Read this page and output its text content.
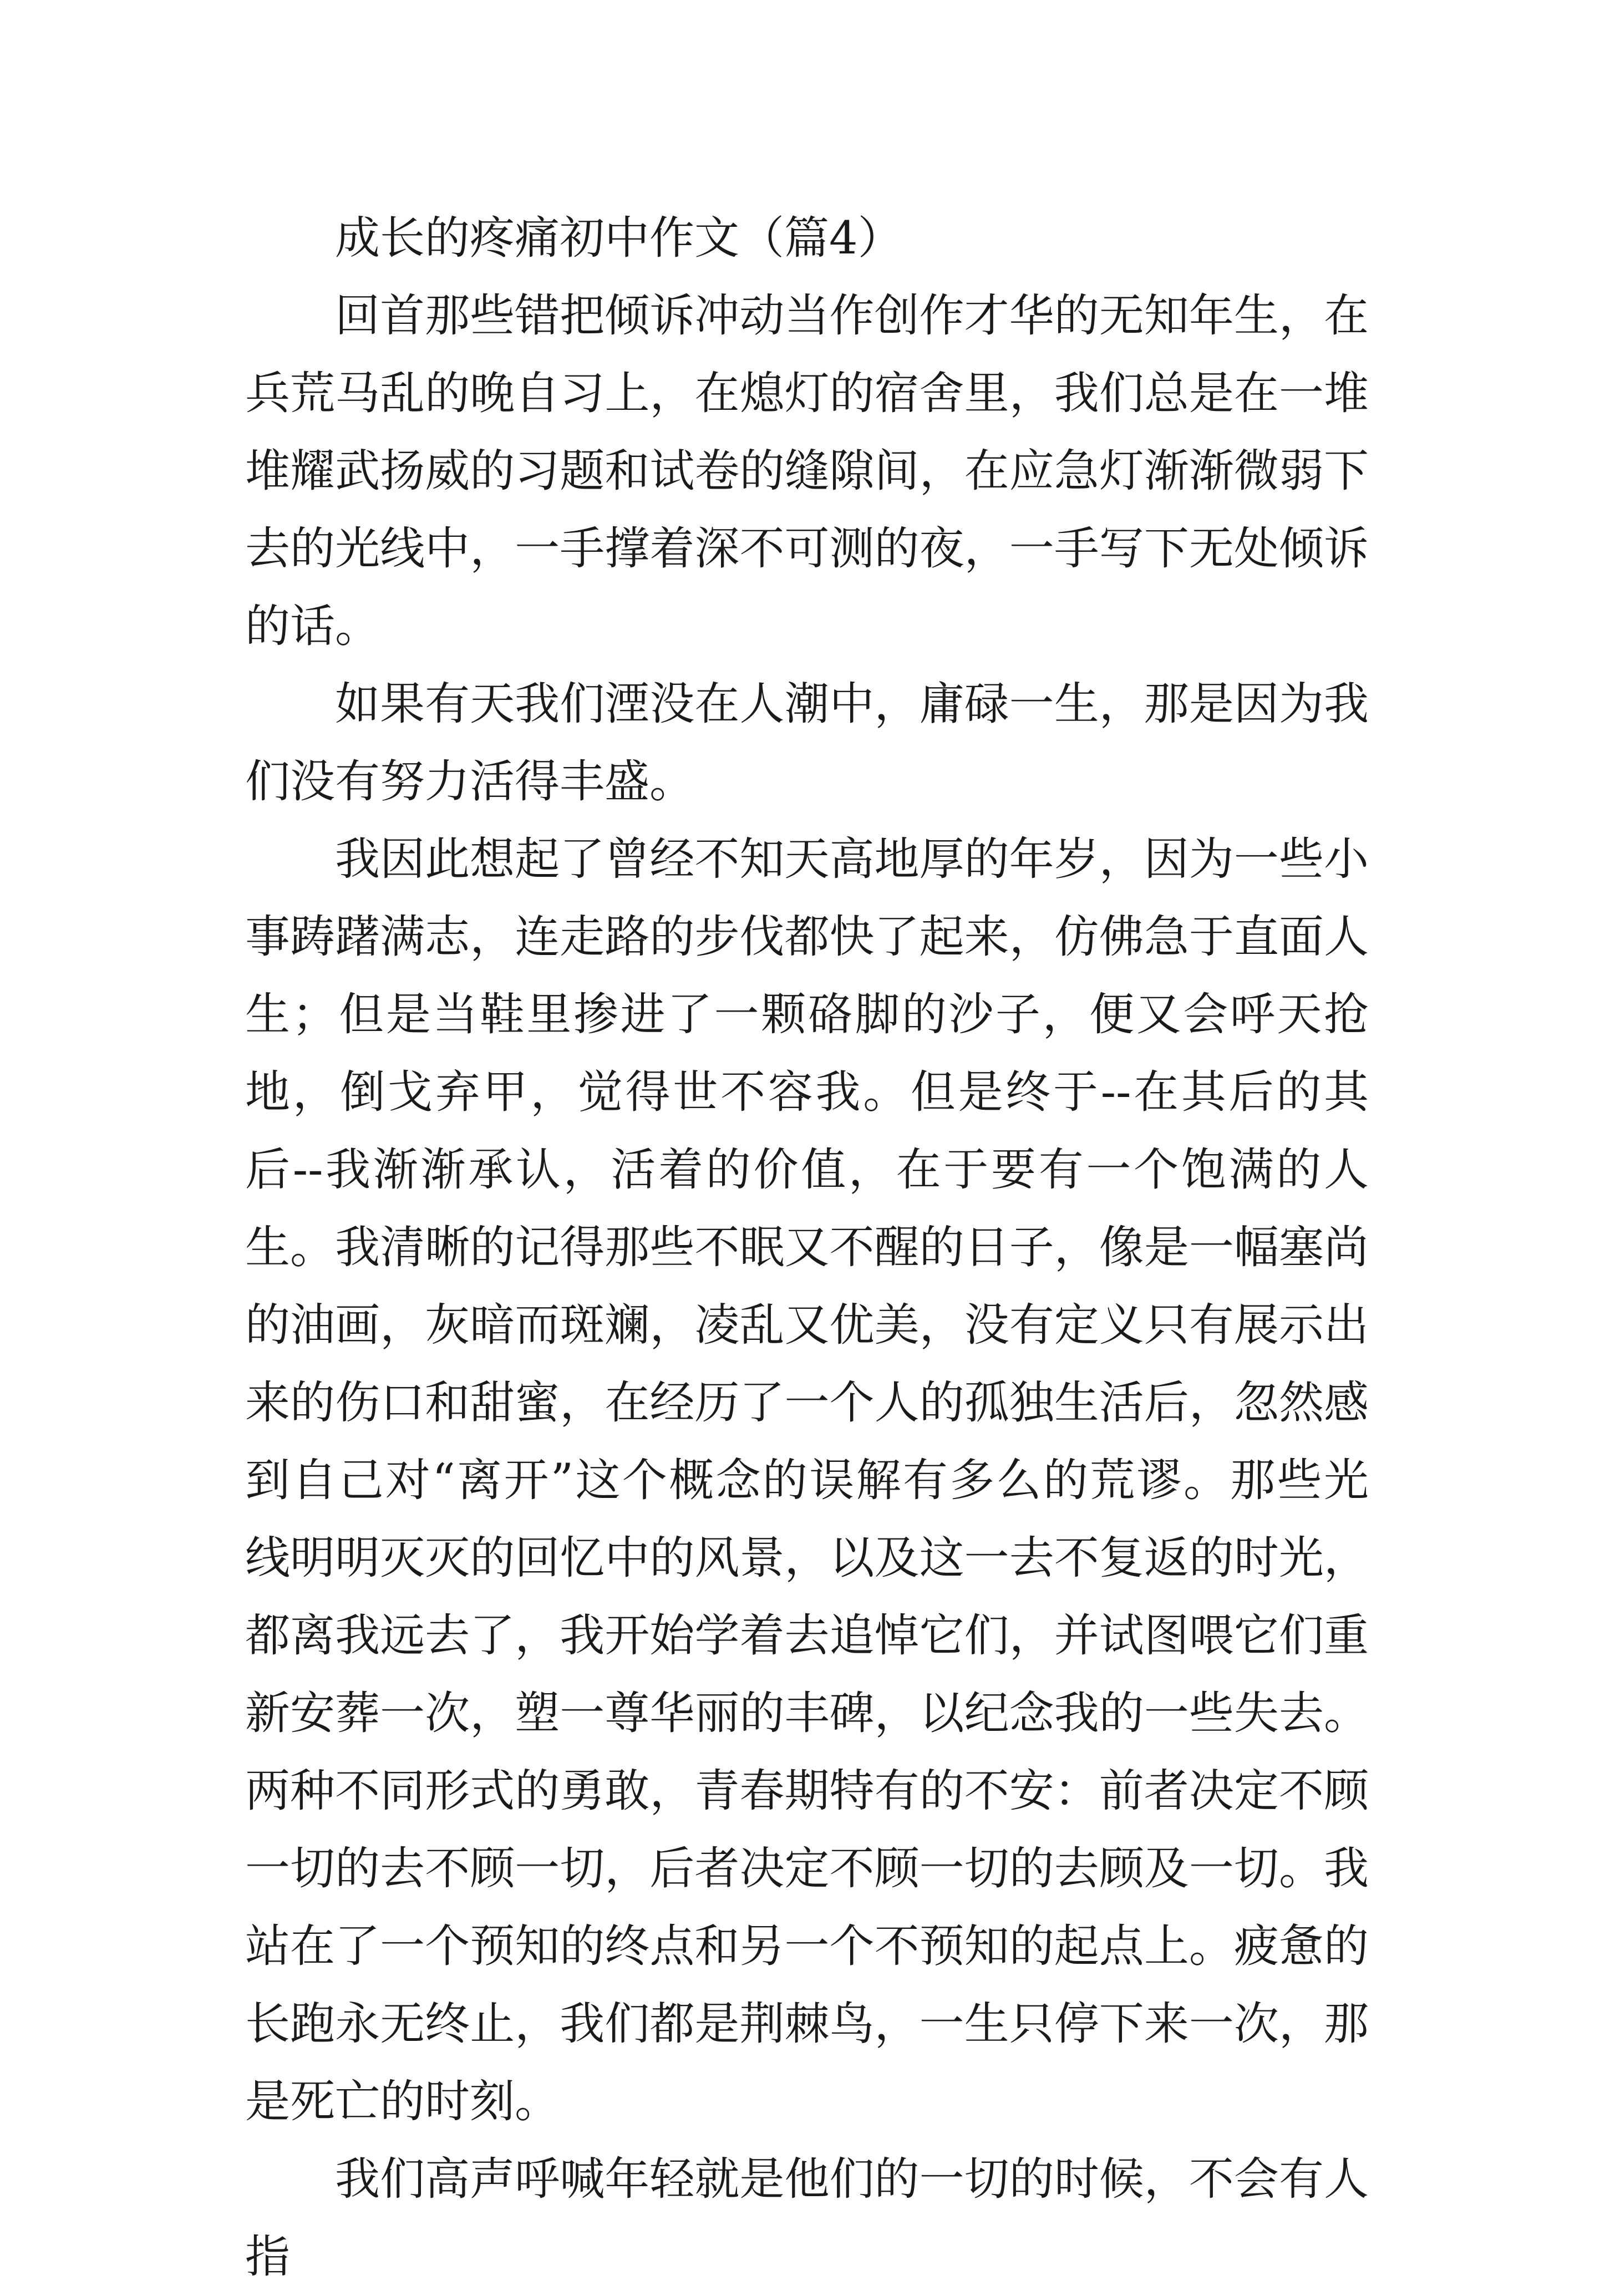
成长的疼痛初中作文（篇4）

回首那些错把倾诉冲动当作创作才华的无知年生，在兵荒马乱的晚自习上，在熄灯的宿舍里，我们总是在一堆堆耀武扬威的习题和试卷的缝隙间，在应急灯渐渐微弱下去的光线中，一手撑着深不可测的夜，一手写下无处倾诉的话。

如果有天我们湮没在人潮中，庸碌一生，那是因为我们没有努力活得丰盛。

我因此想起了曾经不知天高地厚的年岁，因为一些小事踌躇满志，连走路的步伐都快了起来，仿佛急于直面人生；但是当鞋里掺进了一颗硌脚的沙子，便又会呼天抢地，倒戈弃甲，觉得世不容我。但是终于--在其后的其后--我渐渐承认，活着的价值，在于要有一个饱满的人生。我清晰的记得那些不眠又不醒的日子，像是一幅塞尚的油画，灰暗而斑斓，凌乱又优美，没有定义只有展示出来的伤口和甜蜜，在经历了一个人的孤独生活后，忽然感到自己对“离开”这个概念的误解有多么的荒谬。那些光线明明灭灭的回忆中的风景，以及这一去不复返的时光，都离我远去了，我开始学着去追悼它们，并试图喂它们重新安葬一次，塑一尊华丽的丰碑，以纪念我的一些失去。两种不同形式的勇敢，青春期特有的不安：前者决定不顾一切的去不顾一切，后者决定不顾一切的去顾及一切。我站在了一个预知的终点和另一个不预知的起点上。疲惫的长跑永无终止，我们都是荆棘鸟，一生只停下来一次，那是死亡的时刻。

我们高声呼喊年轻就是他们的一切的时候，不会有人指
